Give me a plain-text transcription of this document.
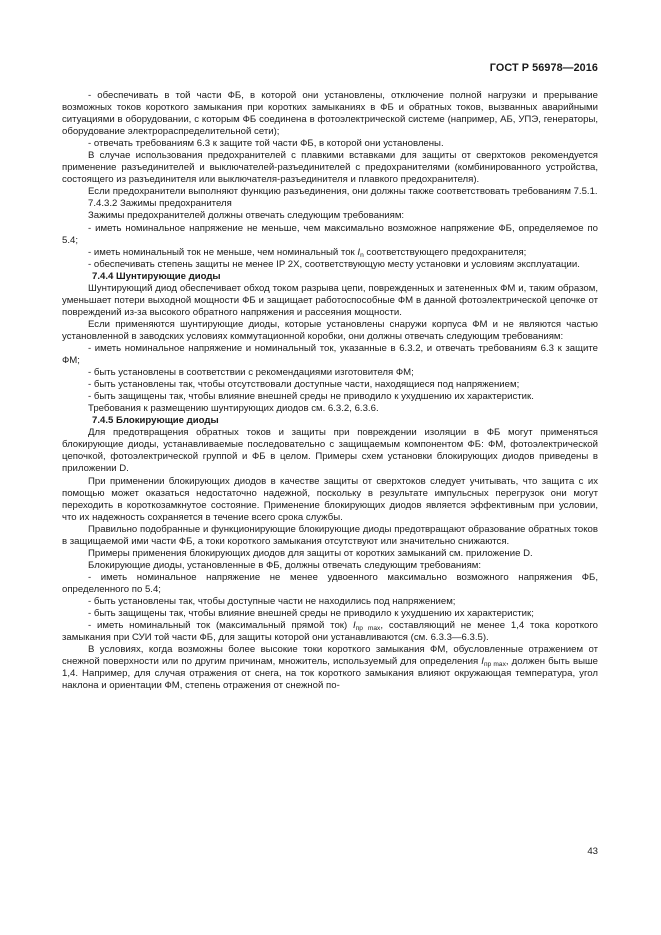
ГОСТ Р 56978—2016

- обеспечивать в той части ФБ, в которой они установлены, отключение полной нагрузки и прерывание возможных токов короткого замыкания при коротких замыканиях в ФБ и обратных токов, вызванных аварийными ситуациями в оборудовании, с которым ФБ соединена в фотоэлектрической системе (например, АБ, УПЭ, генераторы, оборудование электрораспределительной сети);

- отвечать требованиям 6.3 к защите той части ФБ, в которой они установлены.

В случае использования предохранителей с плавкими вставками для защиты от сверхтоков рекомендуется применение разъединителей и выключателей-разъединителей с предохранителями (комбинированного устройства, состоящего из разъединителя или выключателя-разъединителя и плавкого предохранителя).

Если предохранители выполняют функцию разъединения, они должны также соответствовать требованиям 7.5.1.

7.4.3.2 Зажимы предохранителя

Зажимы предохранителей должны отвечать следующим требованиям:

- иметь номинальное напряжение не меньше, чем максимально возможное напряжение ФБ, определяемое по 5.4;

- иметь номинальный ток не меньше, чем номинальный ток $I_n$ соответствующего предохранителя;

- обеспечивать степень защиты не менее IP 2X, соответствующую месту установки и условиям эксплуатации.

7.4.4 Шунтирующие диоды

Шунтирующий диод обеспечивает обход током разрыва цепи, поврежденных и затененных ФМ и, таким образом, уменьшает потери выходной мощности ФБ и защищает работоспособные ФМ в данной фотоэлектрической цепочке от повреждений из-за высокого обратного напряжения и рассеяния мощности.

Если применяются шунтирующие диоды, которые установлены снаружи корпуса ФМ и не являются частью установленной в заводских условиях коммутационной коробки, они должны отвечать следующим требованиям:

- иметь номинальное напряжение и номинальный ток, указанные в 6.3.2, и отвечать требованиям 6.3 к защите ФМ;

- быть установлены в соответствии с рекомендациями изготовителя ФМ;

- быть установлены так, чтобы отсутствовали доступные части, находящиеся под напряжением;

- быть защищены так, чтобы влияние внешней среды не приводило к ухудшению их характеристик.

Требования к размещению шунтирующих диодов см. 6.3.2, 6.3.6.

7.4.5 Блокирующие диоды

Для предотвращения обратных токов и защиты при повреждении изоляции в ФБ могут применяться блокирующие диоды, устанавливаемые последовательно с защищаемым компонентом ФБ: ФМ, фотоэлектрической цепочкой, фотоэлектрической группой и ФБ в целом. Примеры схем установки блокирующих диодов приведены в приложении D.

При применении блокирующих диодов в качестве защиты от сверхтоков следует учитывать, что защита с их помощью может оказаться недостаточно надежной, поскольку в результате импульсных перегрузок они могут переходить в короткозамкнутое состояние. Применение блокирующих диодов является эффективным при условии, что их надежность сохраняется в течение всего срока службы.

Правильно подобранные и функционирующие блокирующие диоды предотвращают образование обратных токов в защищаемой ими части ФБ, а токи короткого замыкания отсутствуют или значительно снижаются.

Примеры применения блокирующих диодов для защиты от коротких замыканий см. приложение D.

Блокирующие диоды, установленные в ФБ, должны отвечать следующим требованиям:

- иметь номинальное напряжение не менее удвоенного максимально возможного напряжения ФБ, определенного по 5.4;

- быть установлены так, чтобы доступные части не находились под напряжением;

- быть защищены так, чтобы влияние внешней среды не приводило к ухудшению их характеристик;

- иметь номинальный ток (максимальный прямой ток) $I_{пр max}$, составляющий не менее 1,4 тока короткого замыкания при СУИ той части ФБ, для защиты которой они устанавливаются (см. 6.3.3—6.3.5).

В условиях, когда возможны более высокие токи короткого замыкания ФМ, обусловленные отражением от снежной поверхности или по другим причинам, множитель, используемый для определения $I_{пр max}$, должен быть выше 1,4. Например, для случая отражения от снега, на ток короткого замыкания влияют окружающая температура, угол наклона и ориентации ФМ, степень отражения от снежной по-

43
